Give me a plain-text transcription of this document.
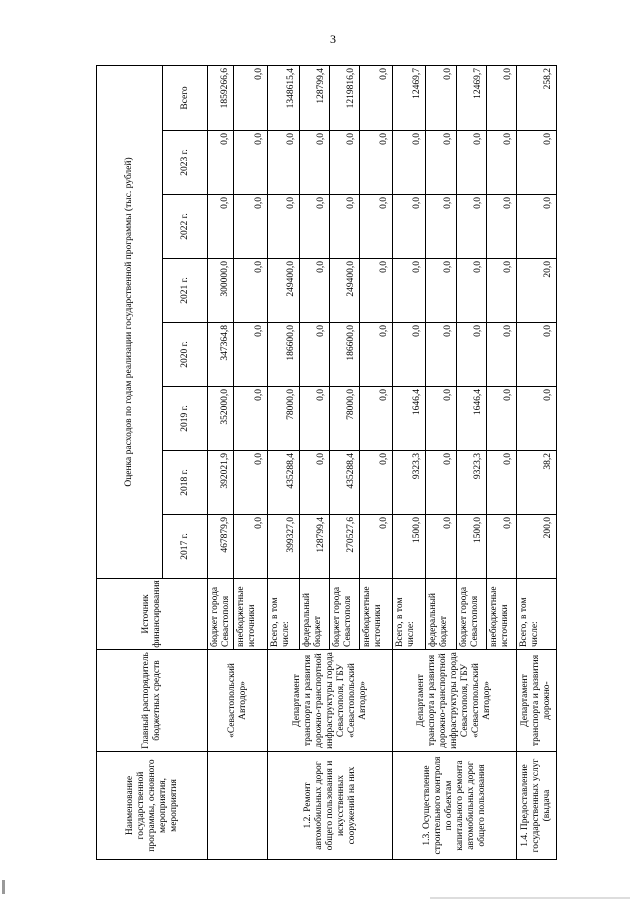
3
Наименование государственной программы, основного мероприятия, мероприятия
Главный распорядитель бюджетных средств
Источник финансирования
Оценка расходов по годам реализации государственной программы (тыс. рублей)
2017 г.
2018 г.
2019 г.
2020 г.
2021 г.
2022 г.
2023 г.
Всего
бюджет города Севастополя
467879,9
392021,9
352000,0
347364,8
300000,0
0,0
0,0
1859266,6
внебюджетные источники
0,0
0,0
0,0
0,0
0,0
0,0
0,0
0,0
Всего, в том числе:
399327,0
435288,4
78000,0
186600,0
249400,0
0,0
0,0
1348615,4
федеральный бюджет
128799,4
0,0
0,0
0,0
0,0
0,0
0,0
128799,4
бюджет города Севастополя
270527,6
435288,4
78000,0
186600,0
249400,0
0,0
0,0
1219816,0
внебюджетные источники
0,0
0,0
0,0
0,0
0,0
0,0
0,0
0,0
Всего, в том числе:
1500,0
9323,3
1646,4
0,0
0,0
0,0
0,0
12469,7
федеральный бюджет
0,0
0,0
0,0
0,0
0,0
0,0
0,0
0,0
бюджет города Севастополя
1500,0
9323,3
1646,4
0,0
0,0
0,0
0,0
12469,7
внебюджетные источники
0,0
0,0
0,0
0,0
0,0
0,0
0,0
0,0
Всего, в том числе:
200,0
38,2
0,0
0,0
20,0
0,0
0,0
258,2
«Севастопольский Автодор»
1.2. Ремонт автомобильных дорог общего пользования и искусственных сооружений на них
Департамент транспорта и развития дорожно-транспортной инфраструктуры города Севастополя, ГБУ «Севастопольский Автодор»
1.3. Осуществление строительного контроля по объектам капитального ремонта автомобильных дорог общего пользования
Департамент транспорта и развития дорожно-транспортной инфраструктуры города Севастополя, ГБУ «Севастопольский Автодор»
1.4. Предоставление государственных услуг (выдача
Департамент транспорта и развития дорожно-
